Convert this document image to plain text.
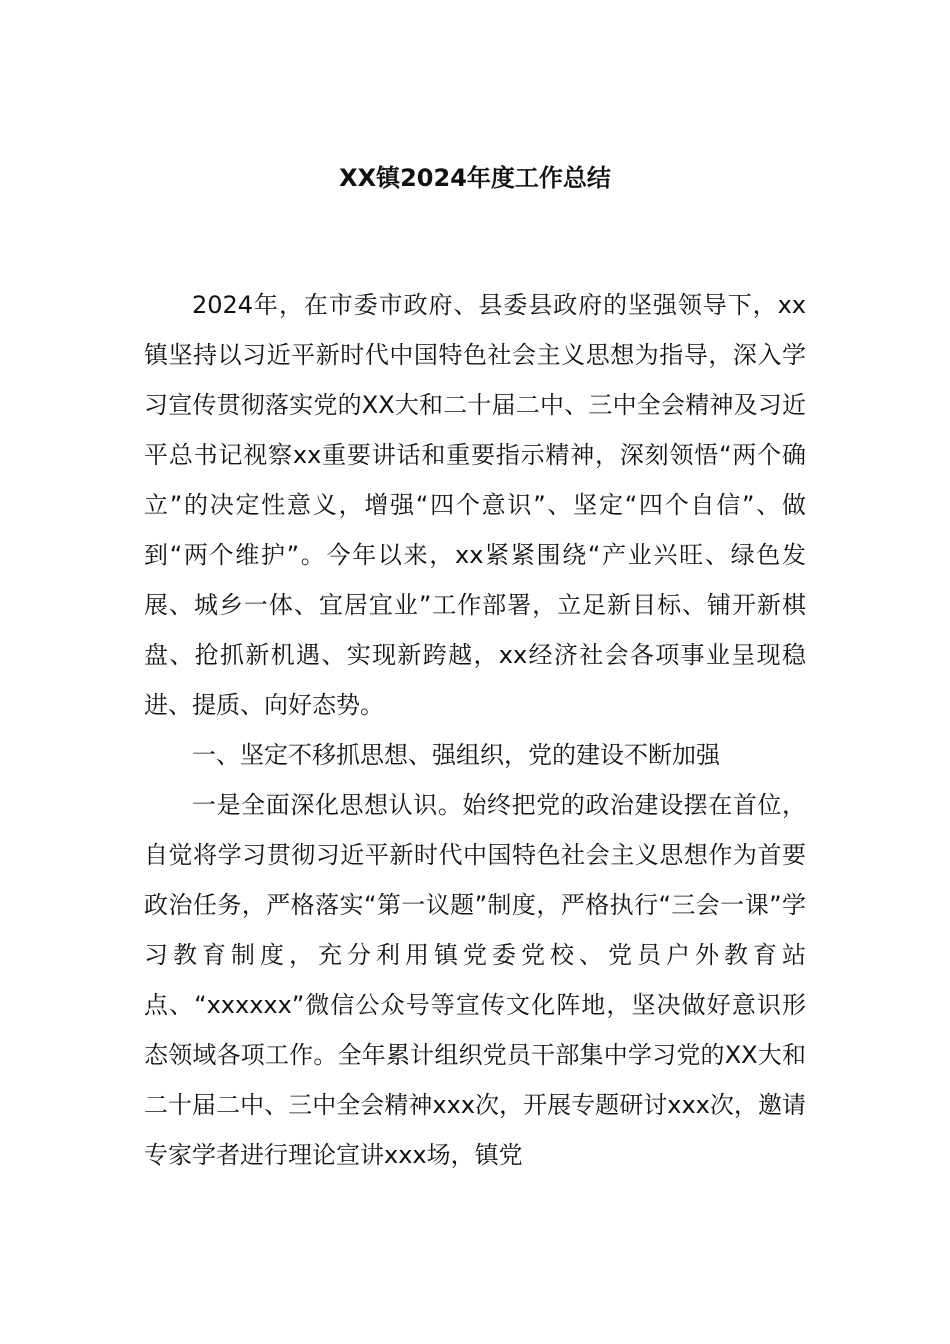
XX镇2024年度工作总结

2024年，在市委市政府、县委县政府的坚强领导下，xx镇坚持以习近平新时代中国特色社会主义思想为指导，深入学习宣传贯彻落实党的XX大和二十届二中、三中全会精神及习近平总书记视察xx重要讲话和重要指示精神，深刻领悟“两个确立”的决定性意义，增强“四个意识”、坚定“四个自信”、做到“两个维护”。今年以来，xx紧紧围绕“产业兴旺、绿色发展、城乡一体、宜居宜业”工作部署，立足新目标、铺开新棋盘、抢抓新机遇、实现新跨越，xx经济社会各项事业呈现稳进、提质、向好态势。

一、坚定不移抓思想、强组织，党的建设不断加强

一是全面深化思想认识。始终把党的政治建设摆在首位，自觉将学习贯彻习近平新时代中国特色社会主义思想作为首要政治任务，严格落实“第一议题”制度，严格执行“三会一课”学习教育制度，充分利用镇党委党校、党员户外教育站点、“xxxxxx”微信公众号等宣传文化阵地，坚决做好意识形态领域各项工作。全年累计组织党员干部集中学习党的XX大和二十届二中、三中全会精神xxx次，开展专题研讨xxx次，邀请专家学者进行理论宣讲xxx场，镇党
